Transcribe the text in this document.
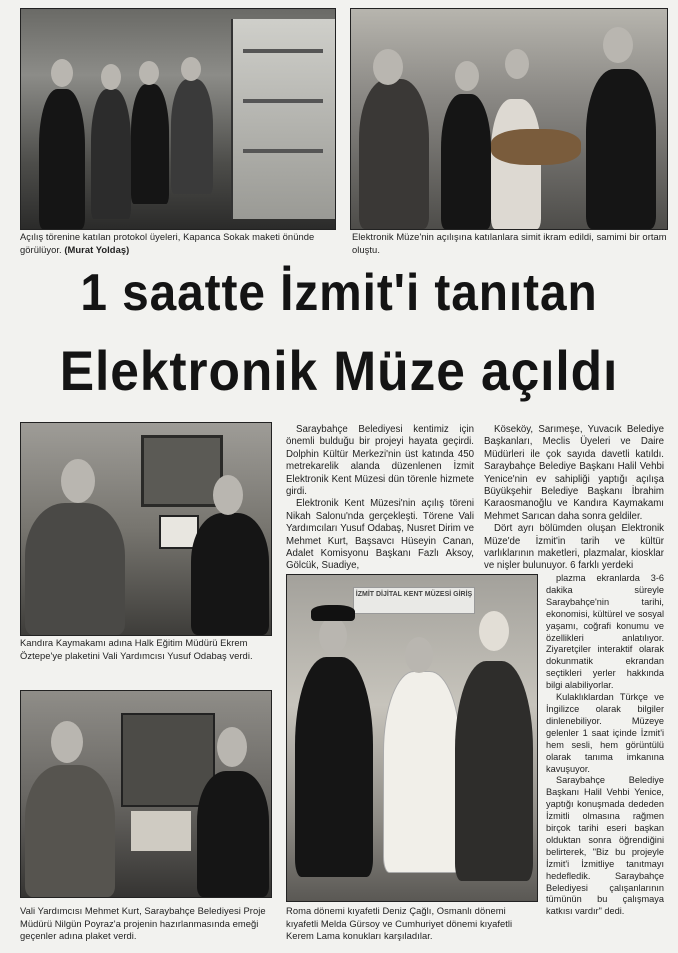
Açılış törenine katılan protokol üyeleri, Kapanca Sokak maketi önünde görülüyor. (Murat Yoldaş)
Elektronik Müze'nin açılışına katılanlara simit ikram edildi, samimi bir ortam oluştu.
1 saatte İzmit'i tanıtan
Elektronik Müze açıldı
Kandıra Kaymakamı adına Halk Eğitim Müdürü Ekrem Öztepe'ye plaketini Vali Yardımcısı Yusuf Odabaş verdi.
Vali Yardımcısı Mehmet Kurt, Saraybahçe Belediyesi Proje Müdürü Nilgün Poyraz'a projenin hazırlanmasında emeği geçenler adına plaket verdi.
İZMİT DİJİTAL KENT MÜZESİ GİRİŞ
Roma dönemi kıyafetli Deniz Çağlı, Osmanlı dönemi kıyafetli Melda Gürsoy ve Cumhuriyet dönemi kıyafetli Kerem Lama konukları karşıladılar.

Saraybahçe Belediyesi kentimiz için önemli bulduğu bir projeyi hayata geçirdi. Dolphin Kültür Merkezi'nin üst katında 450 metrekarelik alanda düzenlenen İzmit Elektronik Kent Müzesi dün törenle hizmete girdi.

Elektronik Kent Müzesi'nin açılış töreni Nikah Salonu'nda gerçekleşti. Törene Vali Yardımcıları Yusuf Odabaş, Nusret Dirim ve Mehmet Kurt, Başsavcı Hüseyin Canan, Adalet Komisyonu Başkanı Fazlı Aksoy, Gölcük, Suadiye,

Köseköy, Sarımeşe, Yuvacık Belediye Başkanları, Meclis Üyeleri ve Daire Müdürleri ile çok sayıda davetli katıldı. Saraybahçe Belediye Başkanı Halil Vehbi Yenice'nin ev sahipliği yaptığı açılışa Büyükşehir Belediye Başkanı İbrahim Karaosmanoğlu ve Kandıra Kaymakamı Mehmet Sarıcan daha sonra geldiler.

Dört ayrı bölümden oluşan Elektronik Müze'de İzmit'in tarih ve kültür varlıklarının maketleri, plazmalar, kiosklar ve nişler bulunuyor. 6 farklı yerdeki

plazma ekranlarda 3-6 dakika süreyle Saraybahçe'nin tarihi, ekonomisi, kültürel ve sosyal yaşamı, coğrafi konumu ve özellikleri anlatılıyor. Ziyaretçiler interaktif olarak dokunmatik ekrandan seçtikleri yerler hakkında bilgi alabiliyorlar.

Kulaklıklardan Türkçe ve İngilizce olarak bilgiler dinlenebiliyor. Müzeye gelenler 1 saat içinde İzmit'i hem sesli, hem görüntülü olarak tanıma imkanına kavuşuyor.

Saraybahçe Belediye Başkanı Halil Vehbi Yenice, yaptığı konuşmada dededen İzmitli olmasına rağmen birçok tarihi eseri başkan olduktan sonra öğrendiğini belirterek, "Biz bu projeyle İzmit'i İzmitliye tanıtmayı hedefledik. Saraybahçe Belediyesi çalışanlarının tümünün bu çalışmaya katkısı vardır" dedi.
